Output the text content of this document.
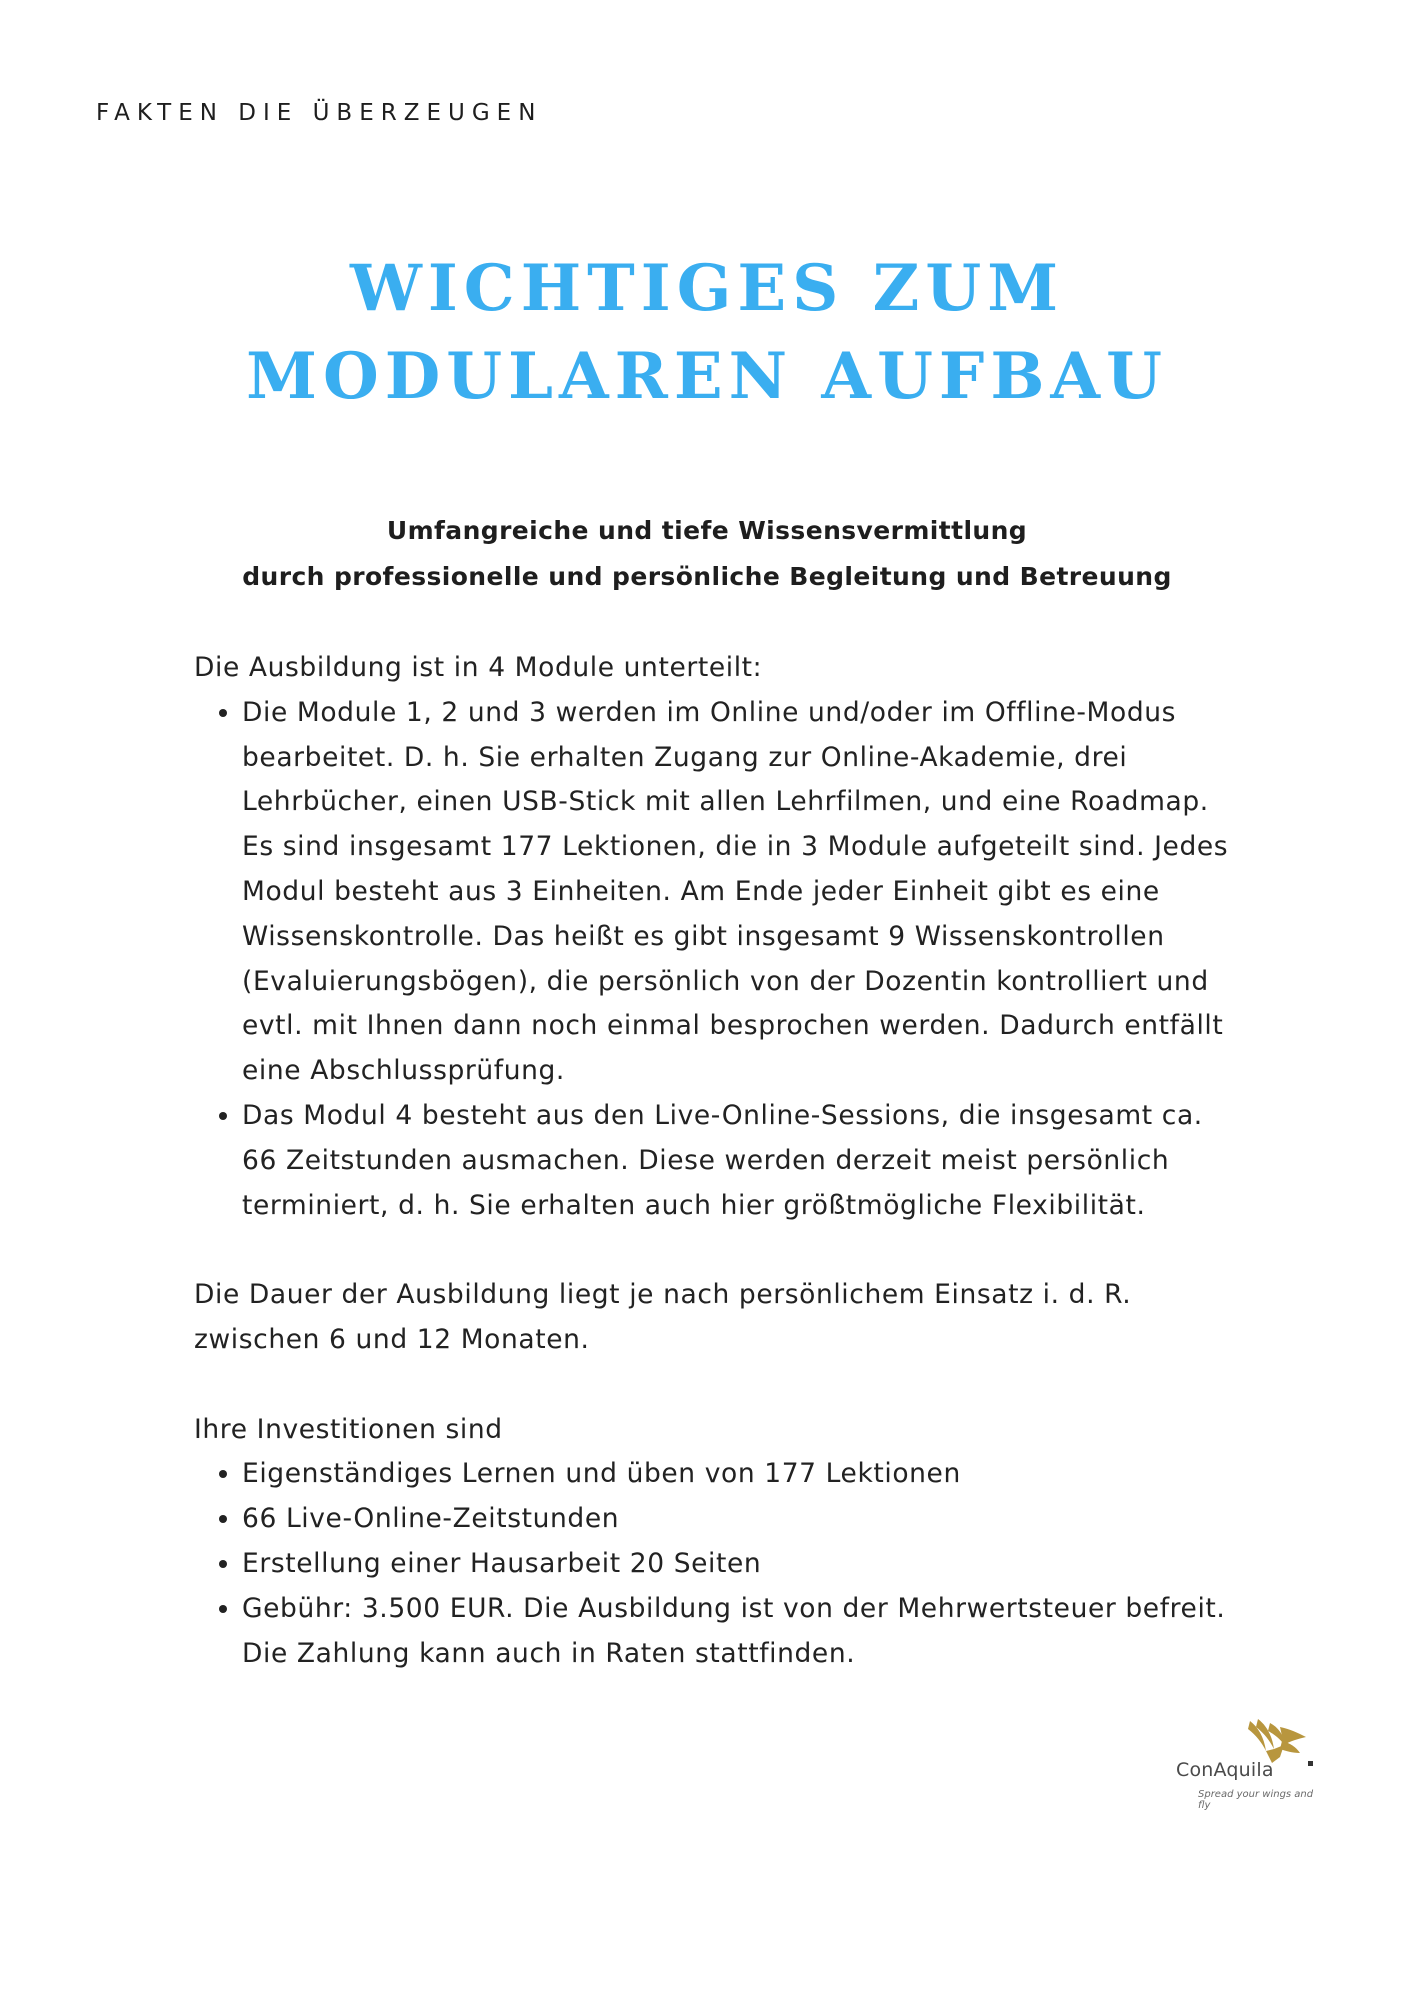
FAKTEN DIE ÜBERZEUGEN
WICHTIGES ZUM
MODULAREN AUFBAU
Umfangreiche und tiefe Wissensvermittlung
durch professionelle und persönliche Begleitung und Betreuung

Die Ausbildung ist in 4 Module unterteilt:

• Die Module 1, 2 und 3 werden im Online und/oder im Offline-Modus bearbeitet. D. h. Sie erhalten Zugang zur Online-Akademie, drei Lehrbücher, einen USB-Stick mit allen Lehrfilmen, und eine Roadmap. Es sind insgesamt 177 Lektionen, die in 3 Module aufgeteilt sind. Jedes Modul besteht aus 3 Einheiten. Am Ende jeder Einheit gibt es eine Wissenskontrolle. Das heißt es gibt insgesamt 9 Wissenskontrollen (Evaluierungsbögen), die persönlich von der Dozentin kontrolliert und evtl. mit Ihnen dann noch einmal besprochen werden. Dadurch entfällt eine Abschlussprüfung.
• Das Modul 4 besteht aus den Live-Online-Sessions, die insgesamt ca. 66 Zeitstunden ausmachen. Diese werden derzeit meist persönlich terminiert, d. h. Sie erhalten auch hier größtmögliche Flexibilität.

Die Dauer der Ausbildung liegt je nach persönlichem Einsatz i. d. R. zwischen 6 und 12 Monaten.

Ihre Investitionen sind

• Eigenständiges Lernen und üben von 177 Lektionen
• 66 Live-Online-Zeitstunden
• Erstellung einer Hausarbeit 20 Seiten
• Gebühr: 3.500 EUR. Die Ausbildung ist von der Mehrwertsteuer befreit. Die Zahlung kann auch in Raten stattfinden.
ConAquila
Spread your wings and fly
